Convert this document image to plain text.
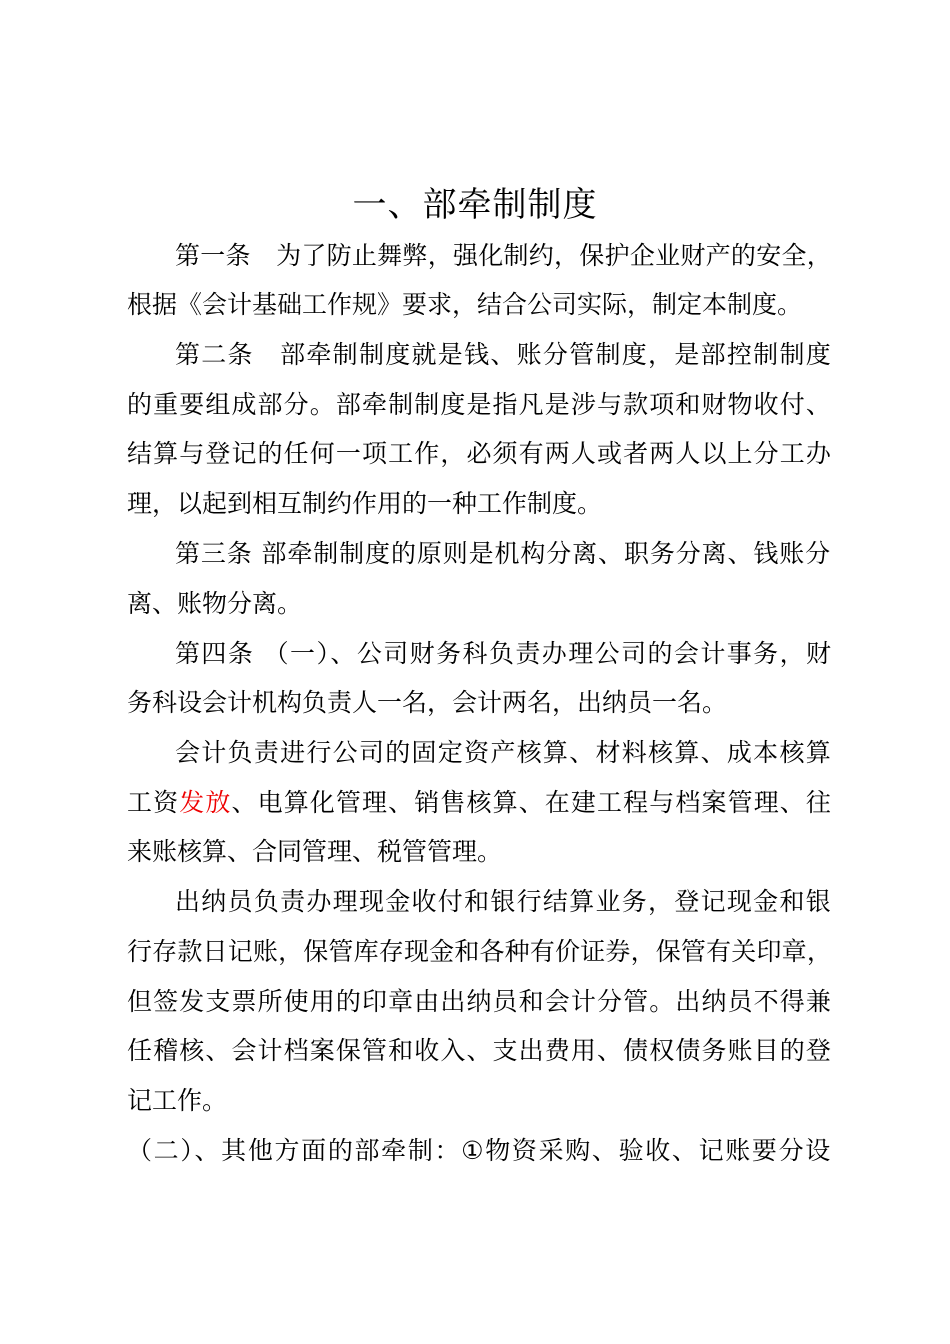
一、部牵制制度
第一条　为了防止舞弊，强化制约，保护企业财产的安全，
根据《会计基础工作规》要求，结合公司实际，制定本制度。
第二条　部牵制制度就是钱、账分管制度，是部控制制度
的重要组成部分。部牵制制度是指凡是涉与款项和财物收付、
结算与登记的任何一项工作，必须有两人或者两人以上分工办
理，以起到相互制约作用的一种工作制度。
第三条 部牵制制度的原则是机构分离、职务分离、钱账分
离、账物分离。
第四条 （一）、公司财务科负责办理公司的会计事务，财
务科设会计机构负责人一名，会计两名，出纳员一名。
会计负责进行公司的固定资产核算、材料核算、成本核算
工资发放、电算化管理、销售核算、在建工程与档案管理、往
来账核算、合同管理、税管管理。
出纳员负责办理现金收付和银行结算业务，登记现金和银
行存款日记账，保管库存现金和各种有价证券，保管有关印章，
但签发支票所使用的印章由出纳员和会计分管。出纳员不得兼
任稽核、会计档案保管和收入、支出费用、债权债务账目的登
记工作。
（二）、其他方面的部牵制：①物资采购、验收、记账要分设
